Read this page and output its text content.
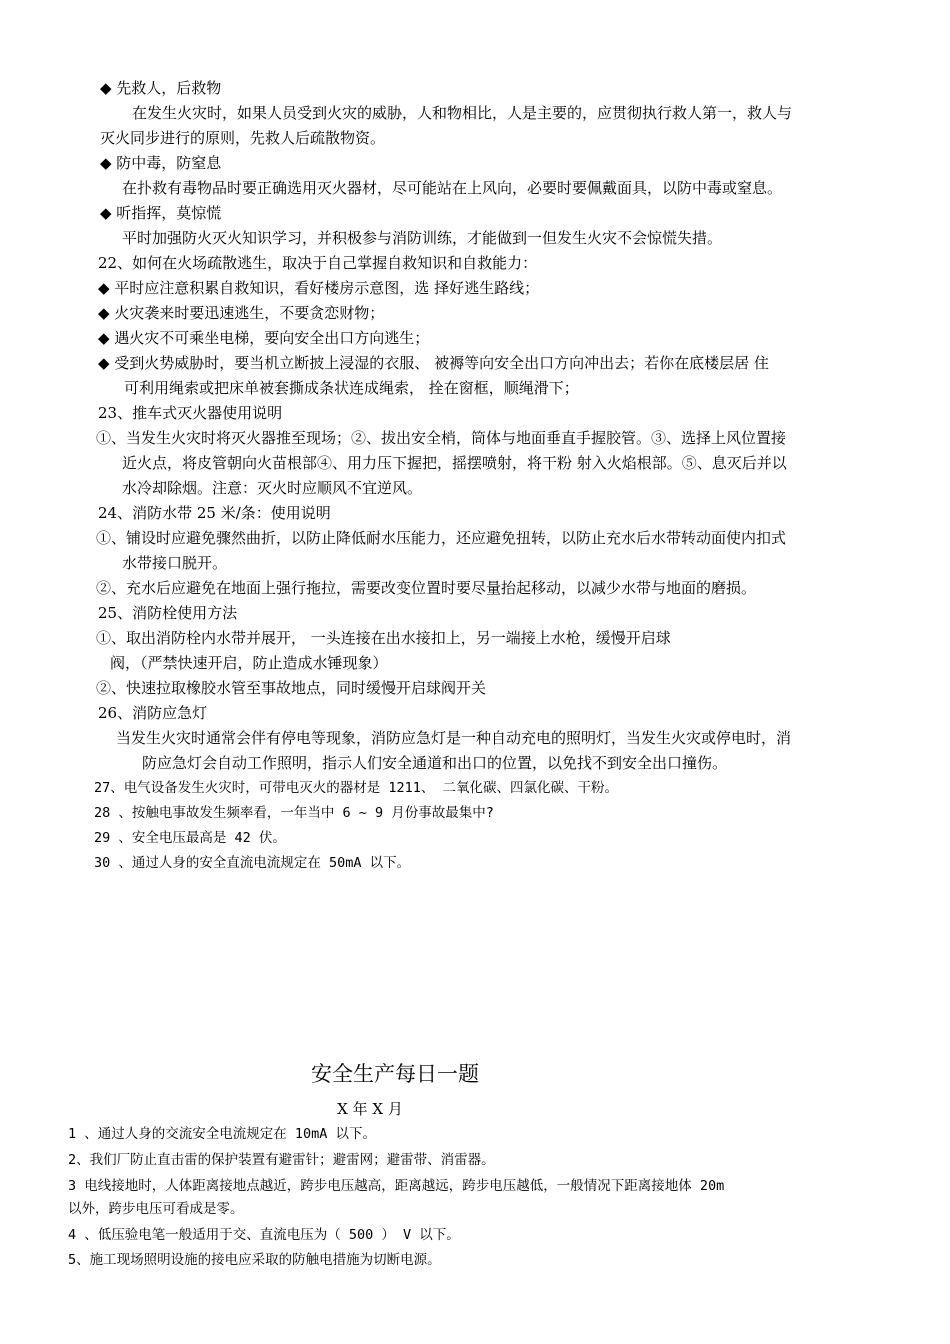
◆ 先救人，后救物
在发生火灾时，如果人员受到火灾的威胁，人和物相比，人是主要的，应贯彻执行救人第一，救人与
灭火同步进行的原则，先救人后疏散物资。
◆ 防中毒，防窒息
在扑救有毒物品时要正确选用灭火器材，尽可能站在上风向，必要时要佩戴面具，以防中毒或窒息。
◆ 听指挥，莫惊慌
平时加强防火灭火知识学习，并积极参与消防训练，才能做到一但发生火灾不会惊慌失措。
22、如何在火场疏散逃生，取决于自己掌握自救知识和自救能力：
◆ 平时应注意积累自救知识，看好楼房示意图，选 择好逃生路线；
◆ 火灾袭来时要迅速逃生，不要贪恋财物；
◆ 遇火灾不可乘坐电梯，要向安全出口方向逃生；
◆ 受到火势威胁时，要当机立断披上浸湿的衣服、 被褥等向安全出口方向冲出去；若你在底楼层居 住
可利用绳索或把床单被套撕成条状连成绳索， 拴在窗框，顺绳滑下；
23、推车式灭火器使用说明
①、当发生火灾时将灭火器推至现场；②、拔出安全梢，筒体与地面垂直手握胶管。③、选择上风位置接
近火点，将皮管朝向火苗根部④、用力压下握把，摇摆喷射，将干粉 射入火焰根部。⑤、息灭后并以
水冷却除烟。注意：灭火时应顺风不宜逆风。
24、消防水带 25 米/条：使用说明
①、铺设时应避免骤然曲折，以防止降低耐水压能力，还应避免扭转，以防止充水后水带转动面使内扣式
水带接口脱开。
②、充水后应避免在地面上强行拖拉，需要改变位置时要尽量抬起移动，以减少水带与地面的磨损。
25、消防栓使用方法
①、取出消防栓内水带并展开， 一头连接在出水接扣上，另一端接上水枪，缓慢开启球
阀，（严禁快速开启，防止造成水锤现象）
②、快速拉取橡胶水管至事故地点，同时缓慢开启球阀开关
26、消防应急灯
当发生火灾时通常会伴有停电等现象，消防应急灯是一种自动充电的照明灯，当发生火灾或停电时，消
防应急灯会自动工作照明，指示人们安全通道和出口的位置，以免找不到安全出口撞伤。
27、电气设备发生火灾时，可带电灭火的器材是 1211、 二氧化碳、四氯化碳、干粉。
28 、按触电事故发生频率看，一年当中 6 ~ 9 月份事故最集中?
29 、安全电压最高是 42 伏。
30 、通过人身的安全直流电流规定在 50mA 以下。
安全生产每日一题
X 年 X 月
1 、通过人身的交流安全电流规定在 10mA 以下。
2、我们厂防止直击雷的保护装置有避雷针；避雷网；避雷带、消雷器。
3 电线接地时，人体距离接地点越近，跨步电压越高，距离越远，跨步电压越低，一般情况下距离接地体 20m
以外，跨步电压可看成是零。
4 、低压验电笔一般适用于交、直流电压为（ 500 ） V 以下。
5、施工现场照明设施的接电应采取的防触电措施为切断电源。
